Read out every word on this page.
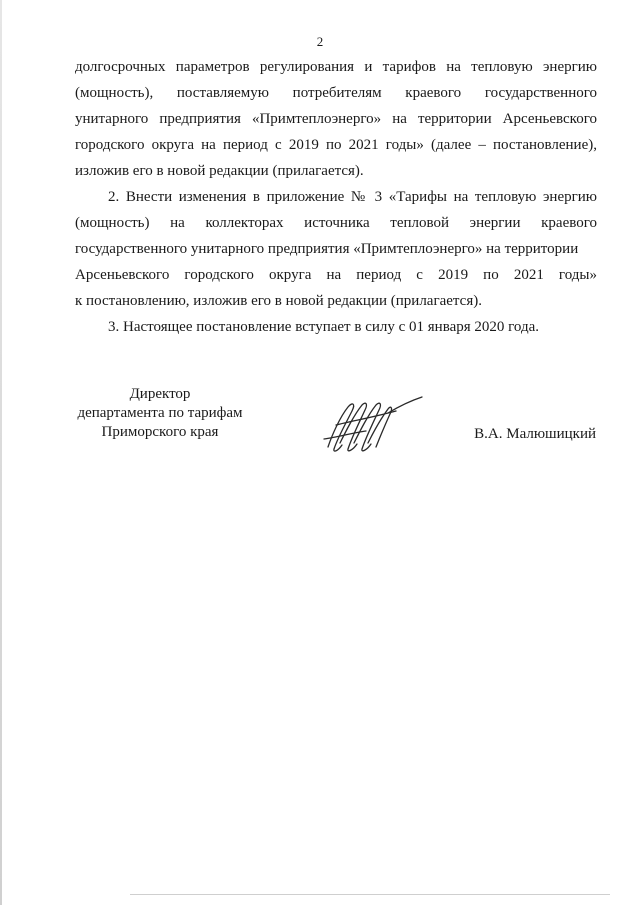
2
долгосрочных параметров регулирования и тарифов на тепловую энергию
(мощность), поставляемую потребителям краевого государственного
унитарного предприятия «Примтеплоэнерго» на территории Арсеньевского
городского округа на период с 2019 по 2021 годы» (далее – постановление),
изложив его в новой редакции (прилагается).
2. Внести изменения в приложение № 3 «Тарифы на тепловую энергию
(мощность) на коллекторах источника тепловой энергии краевого
государственного унитарного предприятия «Примтеплоэнерго» на территории
Арсеньевского городского округа на период с 2019 по 2021 годы»
к постановлению, изложив его в новой редакции (прилагается).
3. Настоящее постановление вступает в силу с 01 января 2020 года.
Директор
департамента по тарифам
Приморского края	В.А. Малюшицкий
